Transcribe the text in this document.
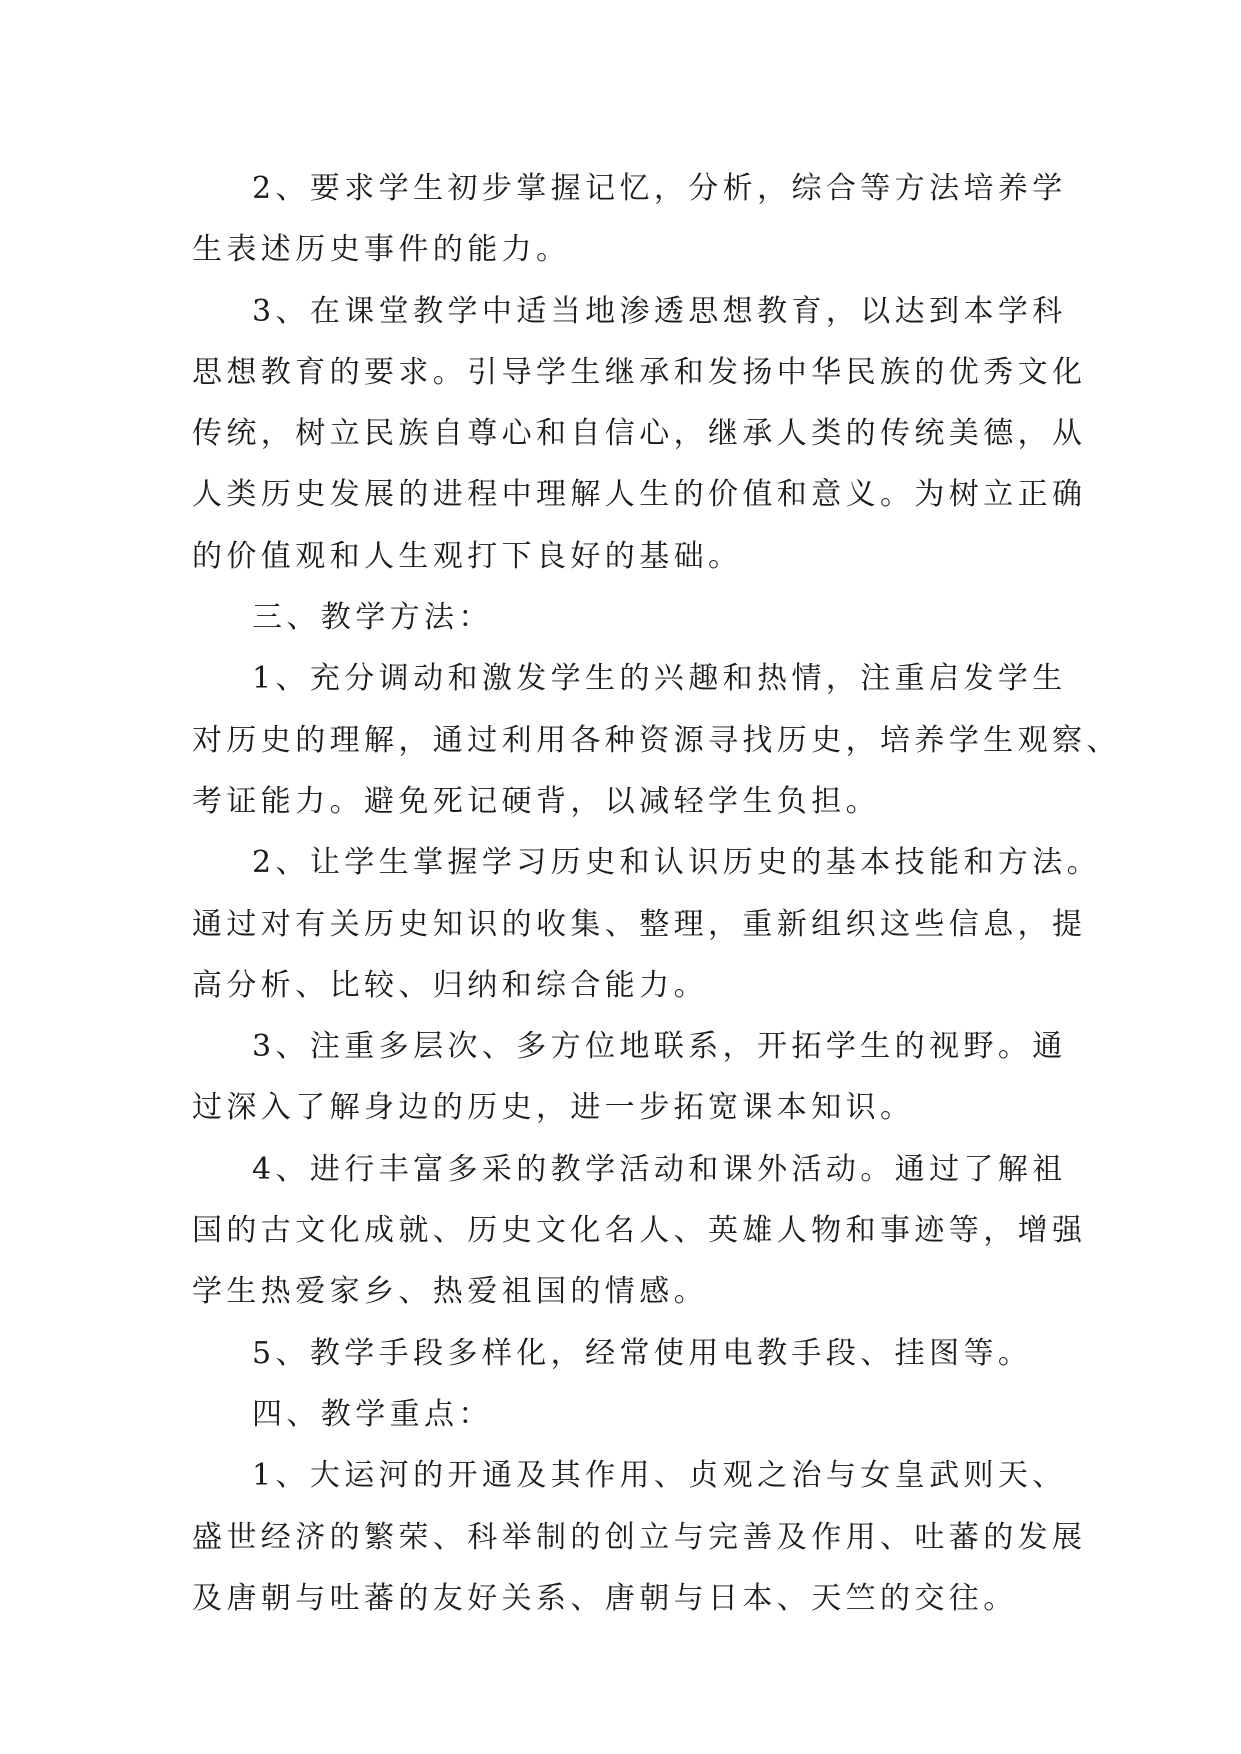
2、要求学生初步掌握记忆，分析，综合等方法培养学
生表述历史事件的能力。
3、在课堂教学中适当地渗透思想教育，以达到本学科
思想教育的要求。引导学生继承和发扬中华民族的优秀文化
传统，树立民族自尊心和自信心，继承人类的传统美德，从
人类历史发展的进程中理解人生的价值和意义。为树立正确
的价值观和人生观打下良好的基础。
三、教学方法：
1、充分调动和激发学生的兴趣和热情，注重启发学生
对历史的理解，通过利用各种资源寻找历史，培养学生观察、
考证能力。避免死记硬背，以减轻学生负担。
2、让学生掌握学习历史和认识历史的基本技能和方法。
通过对有关历史知识的收集、整理，重新组织这些信息，提
高分析、比较、归纳和综合能力。
3、注重多层次、多方位地联系，开拓学生的视野。通
过深入了解身边的历史，进一步拓宽课本知识。
4、进行丰富多采的教学活动和课外活动。通过了解祖
国的古文化成就、历史文化名人、英雄人物和事迹等，增强
学生热爱家乡、热爱祖国的情感。
5、教学手段多样化，经常使用电教手段、挂图等。
四、教学重点：
1、大运河的开通及其作用、贞观之治与女皇武则天、
盛世经济的繁荣、科举制的创立与完善及作用、吐蕃的发展
及唐朝与吐蕃的友好关系、唐朝与日本、天竺的交往。
